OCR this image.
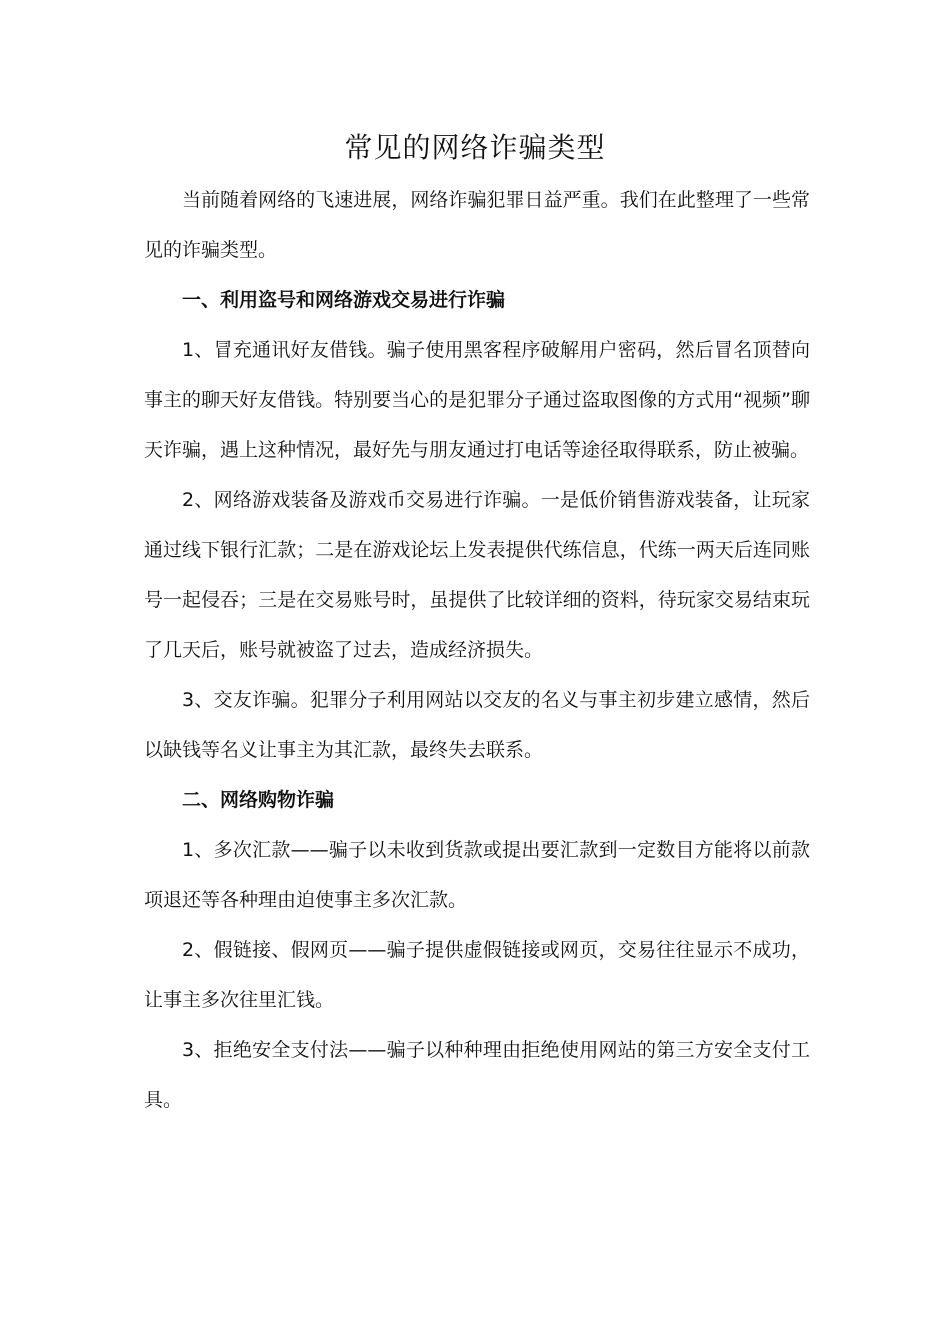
常见的网络诈骗类型

当前随着网络的飞速进展，网络诈骗犯罪日益严重。我们在此整理了一些常见的诈骗类型。

一、利用盗号和网络游戏交易进行诈骗

1、冒充通讯好友借钱。骗子使用黑客程序破解用户密码，然后冒名顶替向事主的聊天好友借钱。特别要当心的是犯罪分子通过盗取图像的方式用“视频”聊天诈骗，遇上这种情况，最好先与朋友通过打电话等途径取得联系，防止被骗。

2、网络游戏装备及游戏币交易进行诈骗。一是低价销售游戏装备，让玩家通过线下银行汇款；二是在游戏论坛上发表提供代练信息，代练一两天后连同账号一起侵吞；三是在交易账号时，虽提供了比较详细的资料，待玩家交易结束玩了几天后，账号就被盗了过去，造成经济损失。

3、交友诈骗。犯罪分子利用网站以交友的名义与事主初步建立感情，然后以缺钱等名义让事主为其汇款，最终失去联系。

二、网络购物诈骗

1、多次汇款——骗子以未收到货款或提出要汇款到一定数目方能将以前款项退还等各种理由迫使事主多次汇款。

2、假链接、假网页——骗子提供虚假链接或网页，交易往往显示不成功，让事主多次往里汇钱。

3、拒绝安全支付法——骗子以种种理由拒绝使用网站的第三方安全支付工具。
